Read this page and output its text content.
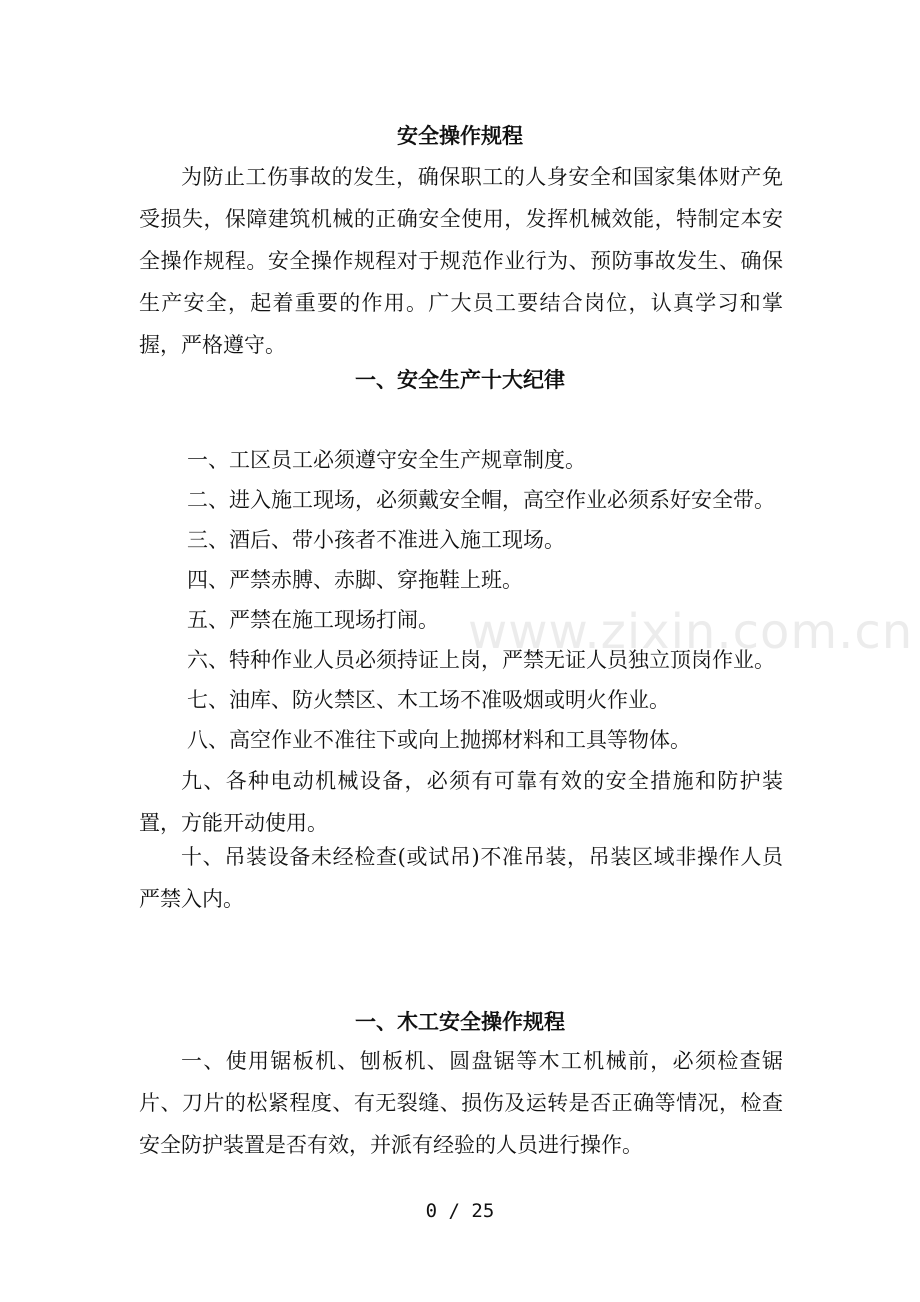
安全操作规程

为防止工伤事故的发生，确保职工的人身安全和国家集体财产免受损失，保障建筑机械的正确安全使用，发挥机械效能，特制定本安全操作规程。安全操作规程对于规范作业行为、预防事故发生、确保生产安全，起着重要的作用。广大员工要结合岗位，认真学习和掌握，严格遵守。

一、安全生产十大纪律
一、工区员工必须遵守安全生产规章制度。
二、进入施工现场，必须戴安全帽，高空作业必须系好安全带。
三、酒后、带小孩者不准进入施工现场。
四、严禁赤膊、赤脚、穿拖鞋上班。
五、严禁在施工现场打闹。
六、特种作业人员必须持证上岗，严禁无证人员独立顶岗作业。
七、油库、防火禁区、木工场不准吸烟或明火作业。
八、高空作业不准往下或向上抛掷材料和工具等物体。

九、各种电动机械设备，必须有可靠有效的安全措施和防护装置，方能开动使用。

十、吊装设备未经检查(或试吊)不准吊装，吊装区域非操作人员严禁入内。

一、木工安全操作规程

一、使用锯板机、刨板机、圆盘锯等木工机械前，必须检查锯片、刀片的松紧程度、有无裂缝、损伤及运转是否正确等情况，检查安全防护装置是否有效，并派有经验的人员进行操作。

www.zixin.com.cn
0 / 25
